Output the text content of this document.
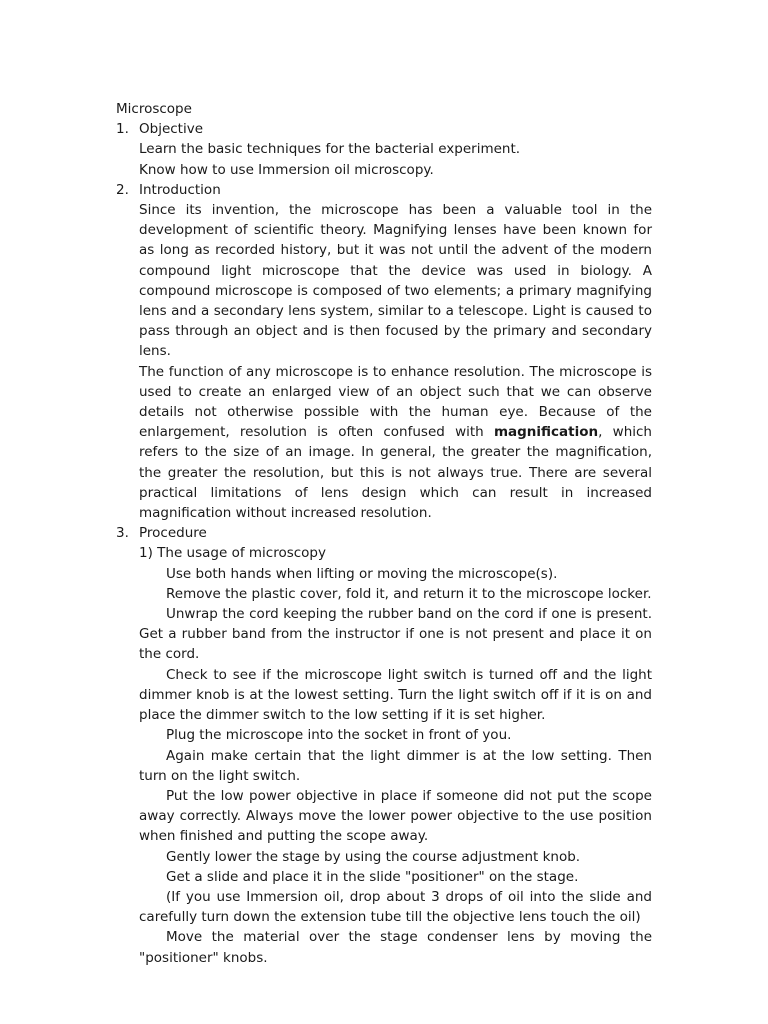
Microscope
1. Objective
Learn the basic techniques for the bacterial experiment.
Know how to use Immersion oil microscopy.
2. Introduction
Since its invention, the microscope has been a valuable tool in the development of scientific theory. Magnifying lenses have been known for as long as recorded history, but it was not until the advent of the modern compound light microscope that the device was used in biology. A compound microscope is composed of two elements; a primary magnifying lens and a secondary lens system, similar to a telescope. Light is caused to pass through an object and is then focused by the primary and secondary lens.
The function of any microscope is to enhance resolution. The microscope is used to create an enlarged view of an object such that we can observe details not otherwise possible with the human eye. Because of the enlargement, resolution is often confused with magnification, which refers to the size of an image. In general, the greater the magnification, the greater the resolution, but this is not always true. There are several practical limitations of lens design which can result in increased magnification without increased resolution.
3. Procedure
1) The usage of microscopy
Use both hands when lifting or moving the microscope(s).
Remove the plastic cover, fold it, and return it to the microscope locker.
Unwrap the cord keeping the rubber band on the cord if one is present. Get a rubber band from the instructor if one is not present and place it on the cord.
Check to see if the microscope light switch is turned off and the light dimmer knob is at the lowest setting. Turn the light switch off if it is on and place the dimmer switch to the low setting if it is set higher.
Plug the microscope into the socket in front of you.
Again make certain that the light dimmer is at the low setting. Then turn on the light switch.
Put the low power objective in place if someone did not put the scope away correctly. Always move the lower power objective to the use position when finished and putting the scope away.
Gently lower the stage by using the course adjustment knob.
Get a slide and place it in the slide "positioner" on the stage.
(If you use Immersion oil, drop about 3 drops of oil into the slide and carefully turn down the extension tube till the objective lens touch the oil)
Move the material over the stage condenser lens by moving the "positioner" knobs.
